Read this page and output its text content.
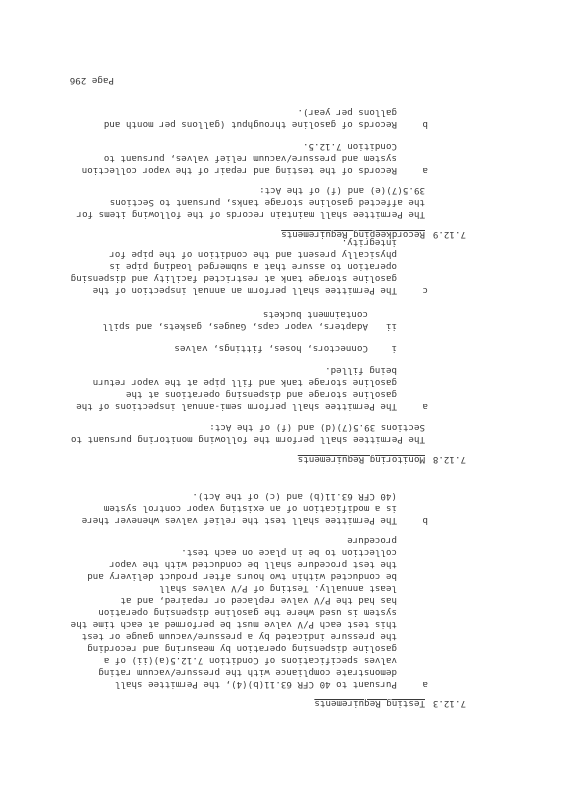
7.12.3

Testing Requirements

a

Pursuant to 40 CFR 63.11(b)(4), the Permittee shall

demonstrate compliance with the pressure/vacuum rating

valves specifications of Condition 7.12.5(a)(ii) of a

gasoline dispensing operation by measuring and recording

the pressure indicated by a pressure/vacuum gauge or test

this test each P/V valve must be performed at each time the

system is used where the gasoline dispensing operation

has had the P/V valve replaced or repaired, and at

least annually. Testing of P/V valves shall

be conducted within two hours after product delivery and

the test procedure shall be conducted with the vapor

collection to be in place on each test.

procedure

b

The Permittee shall test the relief valves whenever there

is a modification of an existing vapor control system

(40 CFR 63.11(b) and (c) of the Act).

7.12.8

Monitoring Requirements

The Permittee shall perform the following monitoring pursuant to

Sections 39.5(7)(d) and (f) of the Act:

a

The Permittee shall perform semi-annual inspections of the

gasoline storage and dispensing operations at the

gasoline storage tank and fill pipe at the vapor return

being filled.

i

Connectors, hoses, fittings, valves

ii

Adapters, vapor caps, Gauges, gaskets, and spill

containment buckets

c

The Permittee shall perform an annual inspection of the

gasoline storage tank at restricted facility and dispensing

operation to assure that a submerged loading pipe is

physically present and the condition of the pipe for

integrity.

7.12.9

Recordkeeping Requirements

The Permittee shall maintain records of the following items for

the affected gasoline storage tanks, pursuant to Sections

39.5(7)(e) and (f) of the Act:

a

Records of the testing and repair of the vapor collection

system and pressure/vacuum relief valves, pursuant to

Condition 7.12.5.

b

Records of gasoline throughput (gallons per month and

gallons per year).

Page 296
